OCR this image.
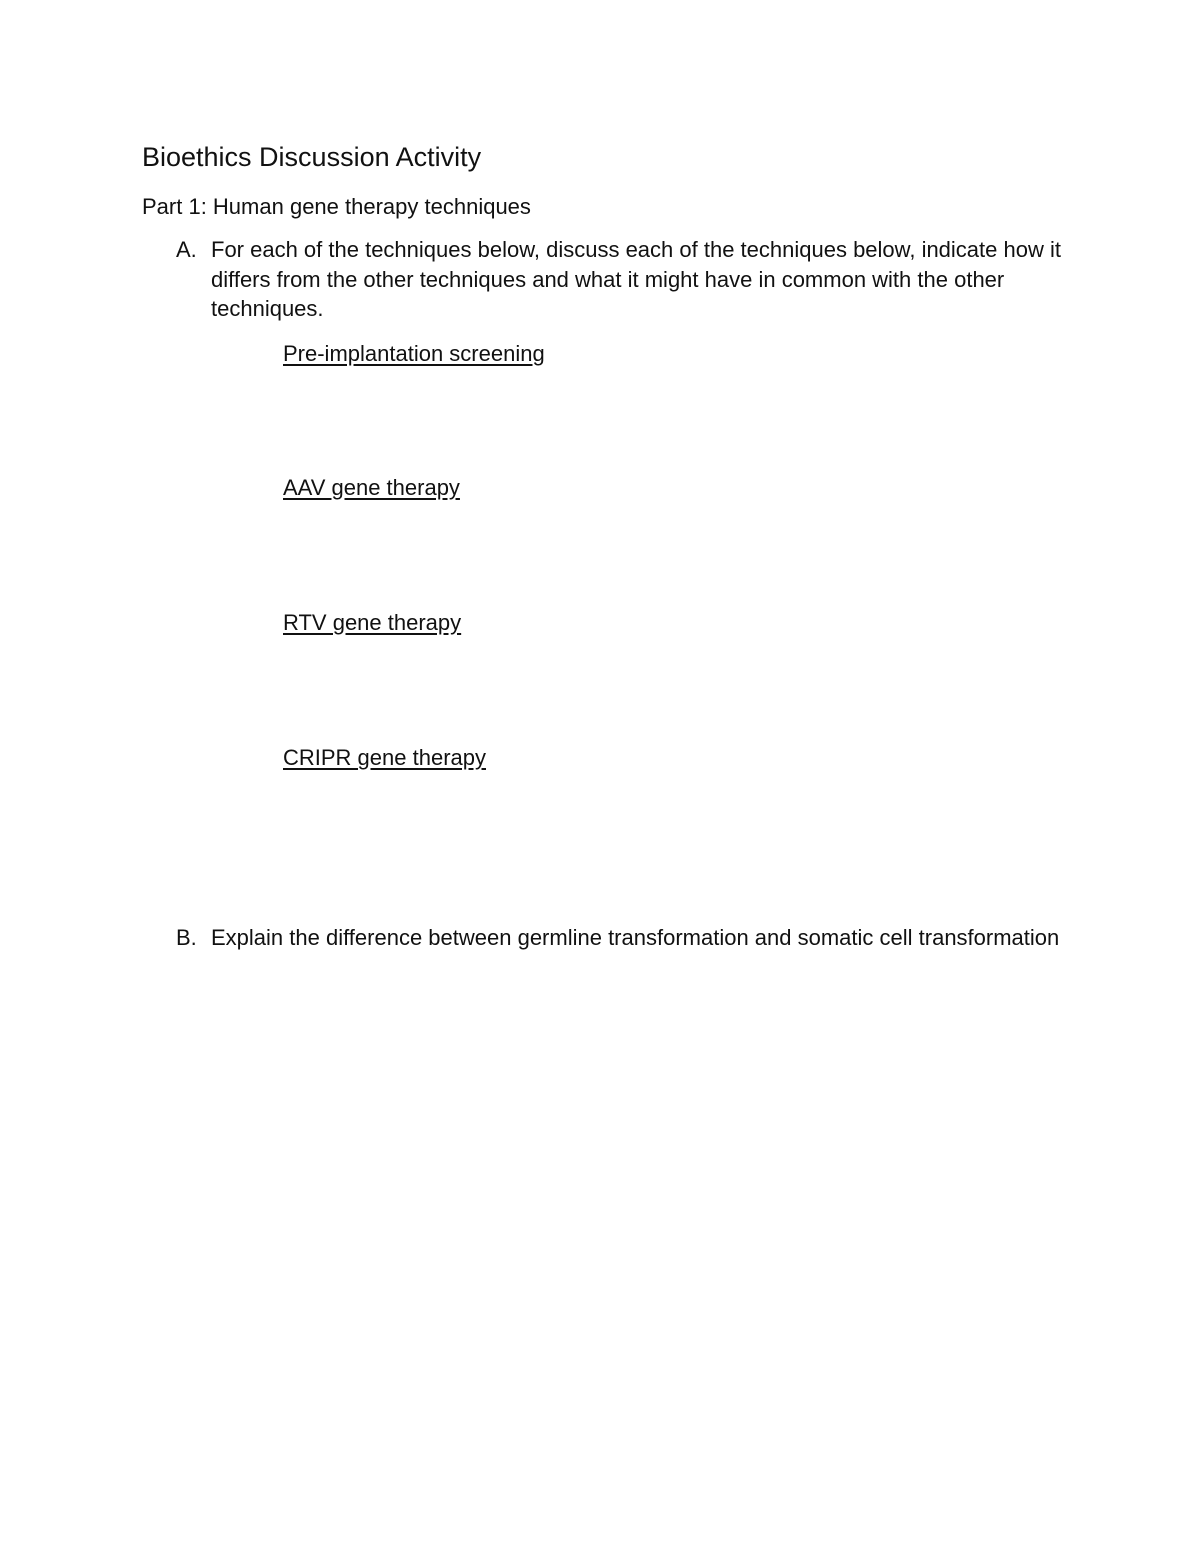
Bioethics Discussion Activity
Part 1: Human gene therapy techniques
A. For each of the techniques below, discuss each of the techniques below, indicate how it differs from the other techniques and what it might have in common with the other techniques.
Pre-implantation screening
AAV gene therapy
RTV gene therapy
CRIPR gene therapy
B. Explain the difference between germline transformation and somatic cell transformation
